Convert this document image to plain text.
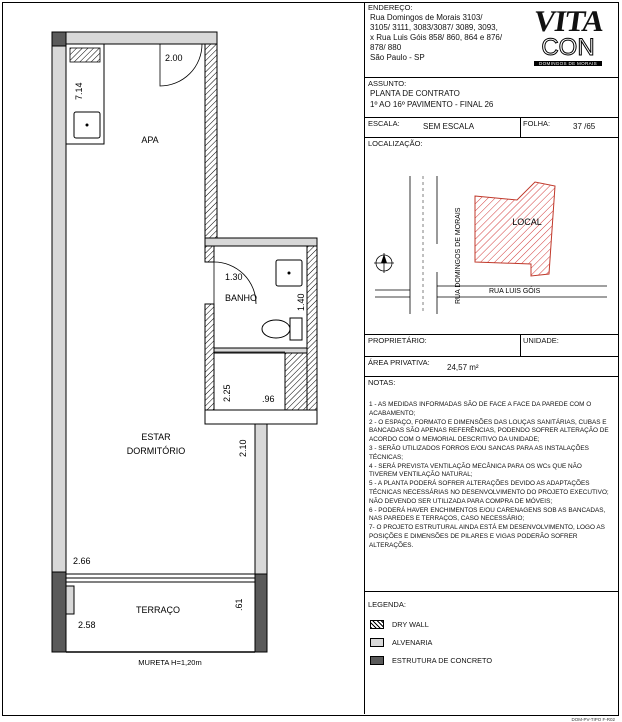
APA
BANHO
ESTAR
DORMITÓRIO
TERRAÇO
2.00
7.14
1.30
1.40
2.25	.96
2.10
2.66
.61
2.58
MURETA H=1,20m
ENDEREÇO:
Rua Domingos de Morais 3103/
3105/ 3111, 3083/3087/ 3089, 3093,
x Rua Luis Góis 858/ 860, 864 e 876/
878/ 880
São Paulo - SP
VITA
CON
DOMINGOS DE MORAIS
ASSUNTO:
PLANTA DE CONTRATO
1º AO 16º PAVIMENTO - FINAL 26
ESCALA:	SEM ESCALA	FOLHA:	37 /65
LOCALIZAÇÃO:
LOCAL
RUA DOMINGOS DE MORAIS	RUA LUIS GÓIS
PROPRIETÁRIO:	UNIDADE:
ÁREA PRIVATIVA:
24,57 m²
NOTAS:
1 - AS MEDIDAS INFORMADAS SÃO DE FACE A FACE DA PAREDE COM O ACABAMENTO;
2 - O ESPAÇO, FORMATO E DIMENSÕES DAS LOUÇAS SANITÁRIAS, CUBAS E BANCADAS SÃO APENAS REFERÊNCIAS, PODENDO SOFRER ALTERAÇÃO DE ACORDO COM O MEMORIAL DESCRITIVO DA UNIDADE;
3 - SERÃO UTILIZADOS FORROS E/OU SANCAS PARA AS INSTALAÇÕES TÉCNICAS;
4 - SERÁ PREVISTA VENTILAÇÃO MECÂNICA PARA OS WCs QUE NÃO TIVEREM VENTILAÇÃO NATURAL;
5 - A PLANTA PODERÁ SOFRER ALTERAÇÕES DEVIDO AS ADAPTAÇÕES TÉCNICAS NECESSÁRIAS NO DESENVOLVIMENTO DO PROJETO EXECUTIVO; NÃO DEVENDO SER UTILIZADA PARA COMPRA DE MÓVEIS;
6 - PODERÁ HAVER ENCHIMENTOS E/OU CARENAGENS SOB AS BANCADAS, NAS PAREDES E TERRAÇOS, CASO NECESSÁRIO;
7- O PROJETO ESTRUTURAL AINDA ESTÁ EM DESENVOLVIMENTO, LOGO AS POSIÇÕES E DIMENSÕES DE PILARES E VIGAS PODERÃO SOFRER ALTERAÇÕES.
LEGENDA:
DRY WALL
ALVENARIA
ESTRUTURA DE CONCRETO
DOM-PV-TIPO F-R02
